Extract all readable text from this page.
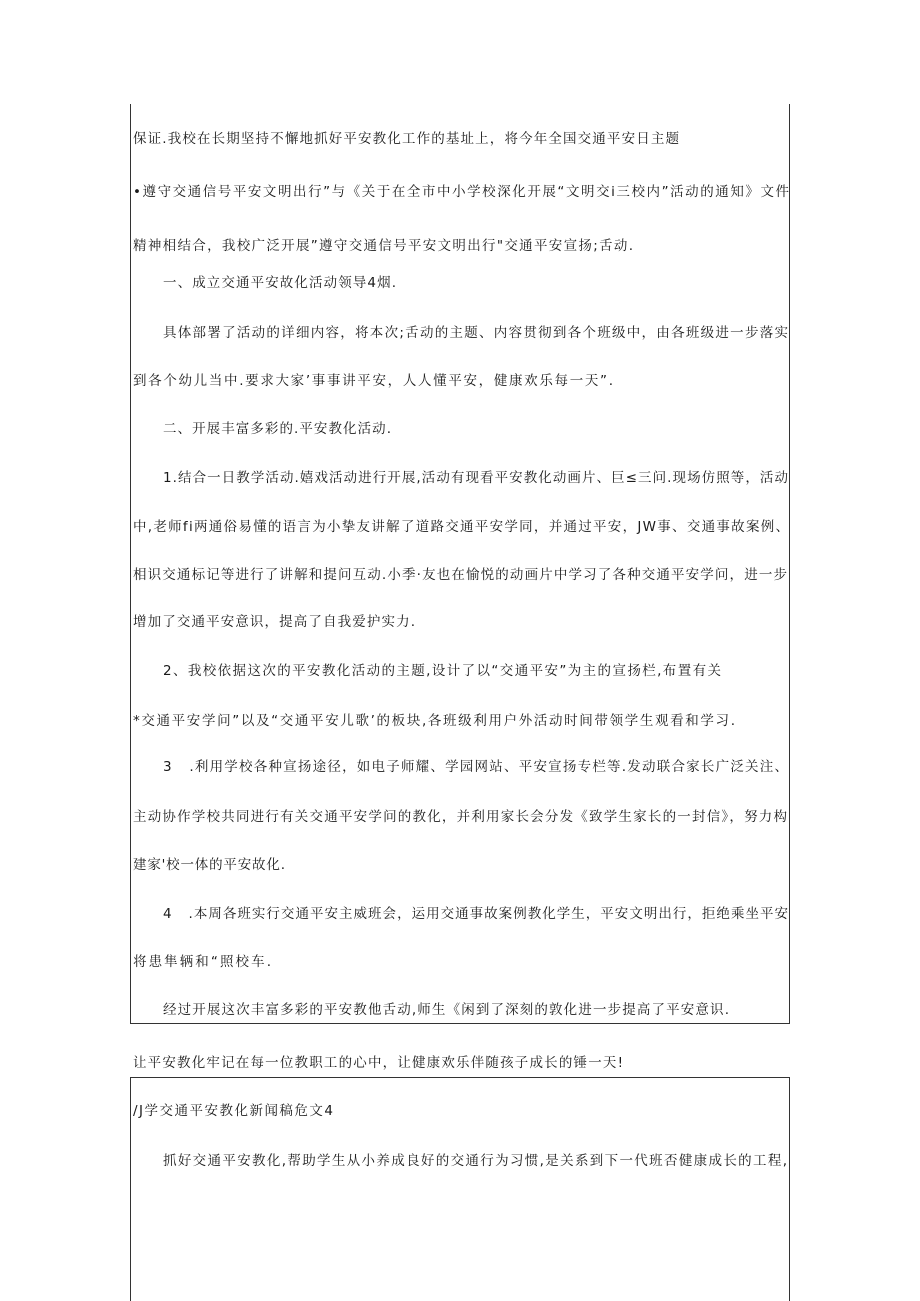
保证.我校在长期坚持不懈地抓好平安教化工作的基址上，将今年全国交通平安日主题
•遵守交通信号平安文明出行”与《关于在全市中小学校深化开展“文明交i三校内”活动的通知》文件
精神相结合，我校广泛开展”遵守交通信号平安文明出行"交通平安宣扬;舌动.
一、成立交通平安故化活动领导4烟.
具体部署了活动的详细内容，将本次;舌动的主题、内容贯彻到各个班级中，由各班级进一步落实
到各个幼儿当中.要求大家’事事讲平安，人人懂平安，健康欢乐每一天”.
二、开展丰富多彩的.平安教化活动.
1.结合一日教学活动.嬉戏活动进行开展,活动有现看平安教化动画片、巨≤三问.现场仿照等，活动
中,老师fi两通俗易懂的语言为小挚友讲解了道路交通平安学同，并通过平安，JW事、交通事故案例、
相识交通标记等进行了讲解和提问互动.小季·友也在愉悦的动画片中学习了各种交通平安学问，进一步
增加了交通平安意识，提高了自我爱护实力.
2、我校依据这次的平安教化活动的主题,设计了以“交通平安”为主的宣扬栏,布置有关
*交通平安学问”以及“交通平安儿歌’的板块,各班级利用户外活动时间带领学生观看和学习.
3   .利用学校各种宣扬途径，如电子师耀、学园网站、平安宣扬专栏等.发动联合家长广泛关注、
主动协作学校共同进行有关交通平安学问的教化，并利用家长会分发《致学生家长的一封信》，努力构
建家'校一体的平安故化.
4   .本周各班实行交通平安主威班会，运用交通事故案例教化学生，平安文明出行，拒绝乘坐平安
将患隼辆和“照校车.
经过开展这次丰富多彩的平安教他舌动,师生《闲到了深刻的敦化进一步提高了平安意识.
让平安教化牢记在每一位教职工的心中，让健康欢乐伴随孩子成长的锤一天!
/J学交通平安教化新闻稿危文4
抓好交通平安教化,帮助学生从小养成良好的交通行为习惯,是关系到下一代班否健康成长的工程,
